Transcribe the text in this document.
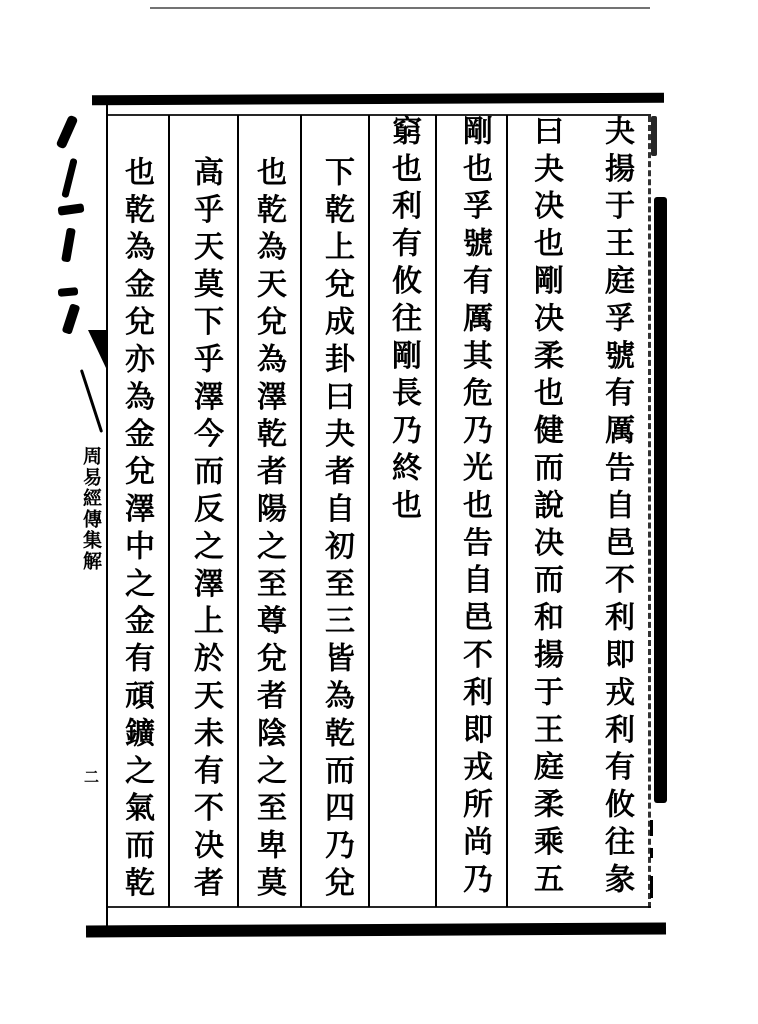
夬揚于王庭孚號有厲告自邑不利即戎利有攸往彖
曰夬决也剛决柔也健而說决而和揚于王庭柔乘五
剛也孚號有厲其危乃光也告自邑不利即戎所尚乃
窮也利有攸往剛長乃終也
下乾上兌成卦曰夬者自初至三皆為乾而四乃兌
也乾為天兌為澤乾者陽之至尊兌者陰之至卑莫
高乎天莫下乎澤今而反之澤上於天未有不决者
也乾為金兌亦為金兌澤中之金有頑鑛之氣而乾
周易經傳集解
二
